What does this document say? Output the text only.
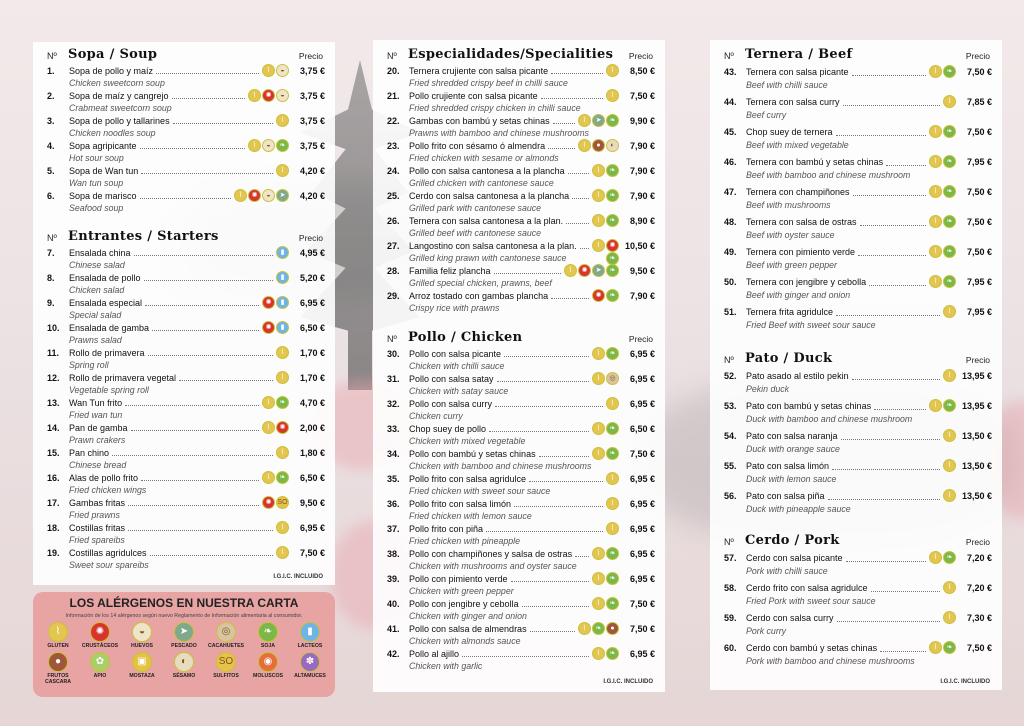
Nº Sopa / Soup	Precio
1.	Sopa de pollo y maíz	⌇ ◒	3,75 €
Chicken sweetcorn soup
2.	Sopa de maíz y cangrejo	⌇ ✺ ◒	3,75 €
Crabmeat sweetcorn soup
3.	Sopa de pollo y tallarines	⌇	3,75 €
Chicken noodles soup
4.	Sopa agripicante	⌇ ◒ ❧	3,75 €
Hot sour soup
5.	Sopa de Wan tun	⌇	4,20 €
Wan tun soup
6.	Sopa de marisco	⌇ ✺ ◒ ➤	4,20 €
Seafood soup
Nº Entrantes / Starters	Precio
7.	Ensalada china	▮	4,95 €
Chinese salad
8.	Ensalada de pollo	▮	5,20 €
Chicken salad
9.	Ensalada especial	✺ ▮	6,95 €
Special salad
10.	Ensalada de gamba	✺ ▮	6,50 €
Prawns salad
11.	Rollo de primavera	⌇	1,70 €
Spring roll
12.	Rollo de primavera vegetal	⌇	1,70 €
Vegetable spring roll
13.	Wan Tun frito	⌇ ❧	4,70 €
Fried wan tun
14.	Pan de gamba	⌇ ✺	2,00 €
Prawn crakers
15.	Pan chino	⌇	1,80 €
Chinese bread
16.	Alas de pollo frito	⌇ ❧	6,50 €
Fried chicken wings
17.	Gambas fritas	✺ SO	9,50 €
Fried prawns
18.	Costillas fritas	⌇	6,95 €
Fried spareibs
19.	Costillas agridulces	⌇	7,50 €
Sweet sour spareibs
I.G.I.C. INCLUIDO
Nº Especialidades/Specialities Precio
20.	Ternera crujiente con salsa picante	⌇	8,50 €
Fried shredded crispy beef in chilli sauce
21.	Pollo crujiente con salsa picante	⌇	7,50 €
Fried shredded crispy chicken in chilli sauce
22.	Gambas con bambú y setas chinas	⌇ ➤ ❧	9,90 €
Prawns with bamboo and chinese mushrooms
23.	Pollo frito con sésamo ó almendra	⌇ ● ◐	7,90 €
Fried chicken with sesame or almonds
24.	Pollo con salsa cantonesa a la plancha	⌇ ❧	7,90 €
Grilled chicken with cantonese sauce
25.	Cerdo con salsa cantonesa a la plancha	⌇ ❧	7,90 €
Grilled park with cantonese sauce
26.	Ternera con salsa cantonesa a la plan.	⌇ ❧	8,90 €
Grilled beef with cantonese sauce
27.	Langostino con salsa cantonesa a la plan.	⌇ ✺	10,50 €
Grilled king prawn with cantonese sauce	❧
28.	Familia feliz plancha	⌇ ✺ ➤ ❧	9,50 €
Grilled special chicken, prawns, beef
29.	Arroz tostado con gambas plancha	✺ ❧	7,90 €
Crispy rice with prawns
Nº Pollo / Chicken	Precio
30.	Pollo con salsa picante	⌇ ❧	6,95 €
Chicken with chilli sauce
31.	Pollo con salsa satay	⌇ ◎	6,95 €
Chicken with satay sauce
32.	Pollo con salsa curry	⌇	6,95 €
Chicken curry
33.	Chop suey de pollo	⌇ ❧	6,50 €
Chicken with mixed vegetable
34.	Pollo con bambú y setas chinas	⌇ ❧	7,50 €
Chicken with bamboo and chinese mushrooms
35.	Pollo frito con salsa agridulce	⌇	6,95 €
Fried chicken with sweet sour sauce
36.	Pollo frito con salsa limón	⌇	6,95 €
Fried chicken with lemon sauce
37.	Pollo frito con piña	⌇	6,95 €
Fried chicken with pineapple
38.	Pollo con champiñones y salsa de ostras	⌇ ❧	6,95 €
Chicken with mushrooms and oyster sauce
39.	Pollo con pimiento verde	⌇ ❧	6,95 €
Chicken with green pepper
40.	Pollo con jengibre y cebolla	⌇ ❧	7,50 €
Chicken with ginger and onion
41.	Pollo con salsa de almendras	⌇ ❧ ●	7,50 €
Chicken with almonds sauce
42.	Pollo al ajillo	⌇ ❧	6,95 €
Chicken with garlic
I.G.I.C. INCLUIDO
Nº Ternera / Beef	Precio
43.	Ternera con salsa picante	⌇ ❧	7,50 €
Beef with chilli sauce
44.	Ternera con salsa curry	⌇	7,85 €
Beef curry
45.	Chop suey de ternera	⌇ ❧	7,50 €
Beef with mixed vegetable
46.	Ternera con bambú y setas chinas	⌇ ❧	7,95 €
Beef with bamboo and chinese mushroom
47.	Ternera con champiñones	⌇ ❧	7,50 €
Beef with mushrooms
48.	Ternera con salsa de ostras	⌇ ❧	7,50 €
Beef with oyster sauce
49.	Ternera con pimiento verde	⌇ ❧	7,50 €
Beef with green pepper
50.	Ternera con jengibre y cebolla	⌇ ❧	7,95 €
Beef with ginger and onion
51.	Ternera frita agridulce	⌇	7,95 €
Fried Beef with sweet sour sauce
Nº Pato / Duck	Precio
52.	Pato asado al estilo pekin	⌇	13,95 €
Pekin duck
53.	Pato con bambú y setas chinas	⌇ ❧	13,95 €
Duck with bamboo and chinese mushroom
54.	Pato con salsa naranja	⌇	13,50 €
Duck with orange sauce
55.	Pato con salsa limón	⌇	13,50 €
Duck with lemon sauce
56.	Pato con salsa piña	⌇	13,50 €
Duck with pineapple sauce
Nº Cerdo / Pork	Precio
57.	Cerdo con salsa picante	⌇ ❧	7,20 €
Pork with chilli sauce
58.	Cerdo frito con salsa agridulce	⌇	7,20 €
Fried Pork with sweet sour sauce
59.	Cerdo con salsa curry	⌇	7,30 €
Pork curry
60.	Cerdo con bambú y setas chinas	⌇ ❧	7,50 €
Pork with bamboo and chinese mushrooms
I.G.I.C. INCLUIDO
LOS ALÉRGENOS EN NUESTRA CARTA
Información de los 14 alérgenos según nuevo Reglamento de Información alimentaria al consumidor.
⌇
GLUTEN
✺
CRUSTÁCEOS
◒
HUEVOS
➤
PESCADO
◎
CACAHUETES
❧
SOJA
▮
LACTEOS
●
FRUTOS CASCARA
✿
APIO
▣
MOSTAZA
◐
SÉSAMO
SO
SULFITOS
◉
MOLUSCOS
✽
ALTAMUCES
